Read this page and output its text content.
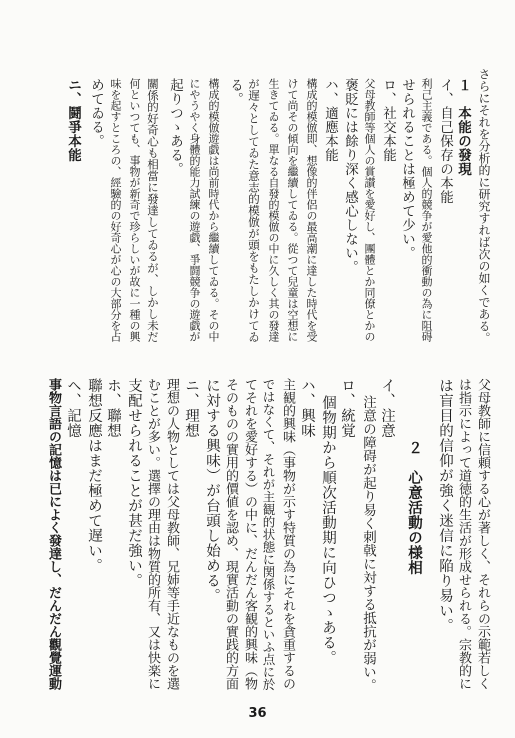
父母教師に信頼する心が著しく、それらの示範若しく
は指示によって道徳的生活が形成せられる。宗教的に
は盲目的信仰が強く迷信に陥り易い。
２　心意活動の様相
イ、注意
注意の障碍が起り易く刺戟に対する抵抗が弱い。
ロ、統覚
個物期から順次活動期に向ひつゝある。
ハ、興味
主観的興味（事物が示す特質の為にそれを貪重するの
ではなくて、それが主観的状態に関係するといふ点に於
てそれを愛好する）の中に、だんだん客観的興味（物
そのものの實用的價値を認め、現實活動の實践的方面
に対する興味）が台頭し始める。
ニ、理想
理想の人物としては父母教師、兄姉等手近なものを選
むことが多い。選擇の理由は物質的所有、又は快楽に
支配せられることが甚だ強い。
ホ、聯想
聯想反應はまだ極めて遅い。
ヘ、記憶
事物言語の記憶は已によく發達し、だんだん觀覺運動
さらにそれを分析的に研究すれば次の如くである。
１　本能の發現
イ、自己保存の本能
利己主義である。個人的競争が愛他的衝動の為に阻碍
せられることは極めて少い。
ロ、社交本能
父母教師等個人の賞讃を愛好し、團體とか同僚とかの
褒貶には餘り深く感心しない。
ハ、適應本能
構成的模倣即、想像的伴侶の最高潮に達した時代を受
けて尚その傾向を繼續してゐる。從つて兒童は空想に
生きてゐる。單なる自發的模倣の中に久しく其の發達
が遅々としてゐた意志的模倣が頭をもたしかけてゐ
る。
構成的模倣遊戯は尚前時代から繼續してゐる。その中
にやうやく身體的能力試練の遊戯、爭闘競争の遊戯が
起りつゝある。
關係的好奇心も相當に發達してゐるが、しかし未だ
何といつても、事物が新奇で珍らしいが故に一種の興
味を起すところの、經驗的の好奇心が心の大部分を占
めてゐる。
ニ、鬪爭本能
36
